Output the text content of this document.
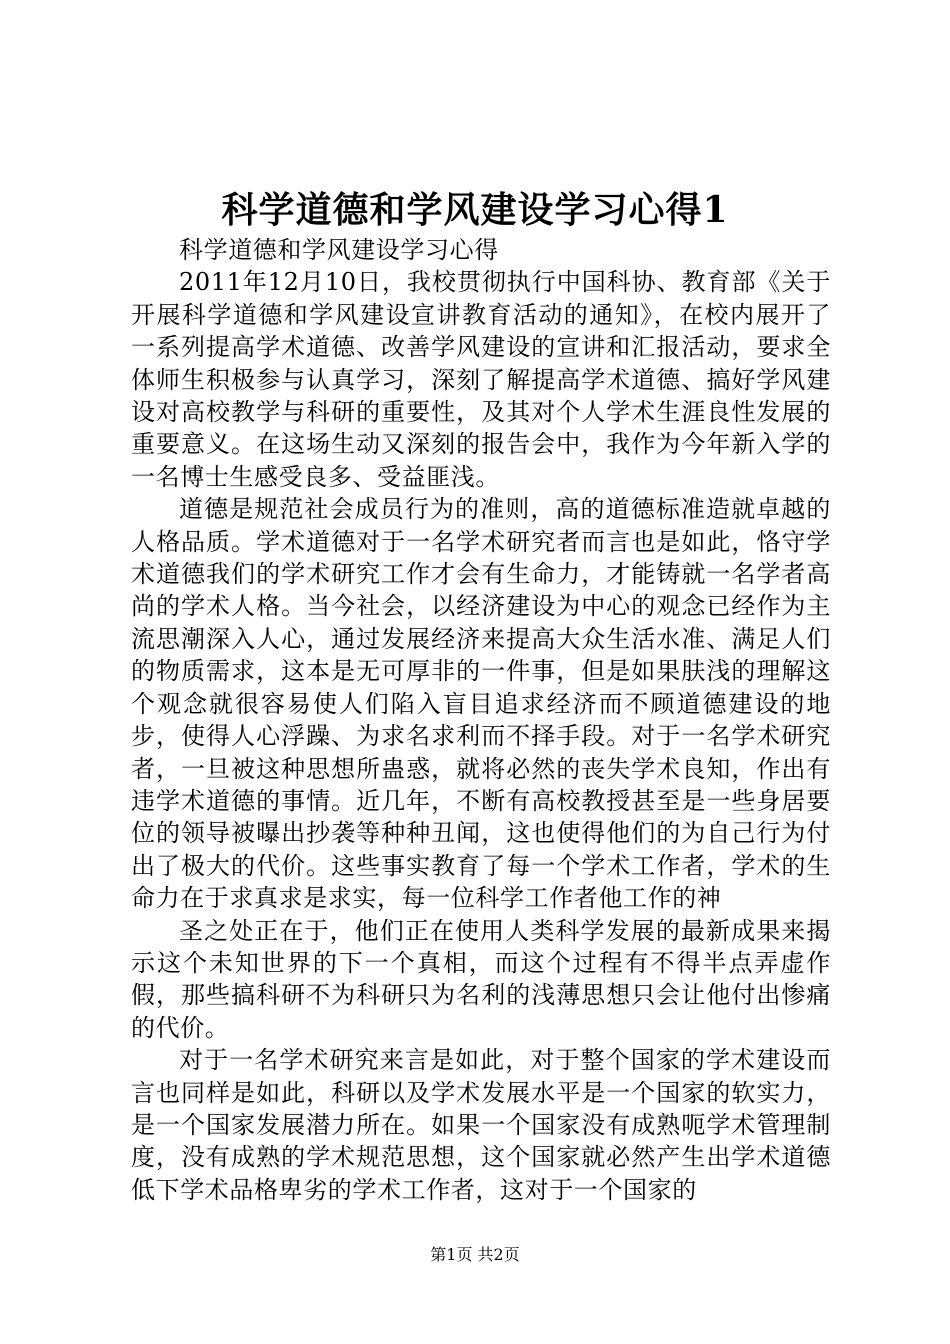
科学道德和学风建设学习心得1

科学道德和学风建设学习心得

2011年12月10日，我校贯彻执行中国科协、教育部《关于开展科学道德和学风建设宣讲教育活动的通知》，在校内展开了一系列提高学术道德、改善学风建设的宣讲和汇报活动，要求全体师生积极参与认真学习，深刻了解提高学术道德、搞好学风建设对高校教学与科研的重要性，及其对个人学术生涯良性发展的重要意义。在这场生动又深刻的报告会中，我作为今年新入学的一名博士生感受良多、受益匪浅。

道德是规范社会成员行为的准则，高的道德标准造就卓越的人格品质。学术道德对于一名学术研究者而言也是如此，恪守学术道德我们的学术研究工作才会有生命力，才能铸就一名学者高尚的学术人格。当今社会，以经济建设为中心的观念已经作为主流思潮深入人心，通过发展经济来提高大众生活水准、满足人们的物质需求，这本是无可厚非的一件事，但是如果肤浅的理解这个观念就很容易使人们陷入盲目追求经济而不顾道德建设的地步，使得人心浮躁、为求名求利而不择手段。对于一名学术研究者，一旦被这种思想所蛊惑，就将必然的丧失学术良知，作出有违学术道德的事情。近几年，不断有高校教授甚至是一些身居要位的领导被曝出抄袭等种种丑闻，这也使得他们的为自己行为付出了极大的代价。这些事实教育了每一个学术工作者，学术的生命力在于求真求是求实，每一位科学工作者他工作的神

圣之处正在于，他们正在使用人类科学发展的最新成果来揭示这个未知世界的下一个真相，而这个过程有不得半点弄虚作假，那些搞科研不为科研只为名利的浅薄思想只会让他付出惨痛的代价。

对于一名学术研究来言是如此，对于整个国家的学术建设而言也同样是如此，科研以及学术发展水平是一个国家的软实力，是一个国家发展潜力所在。如果一个国家没有成熟呃学术管理制度，没有成熟的学术规范思想，这个国家就必然产生出学术道德低下学术品格卑劣的学术工作者，这对于一个国家的

第1页 共2页
